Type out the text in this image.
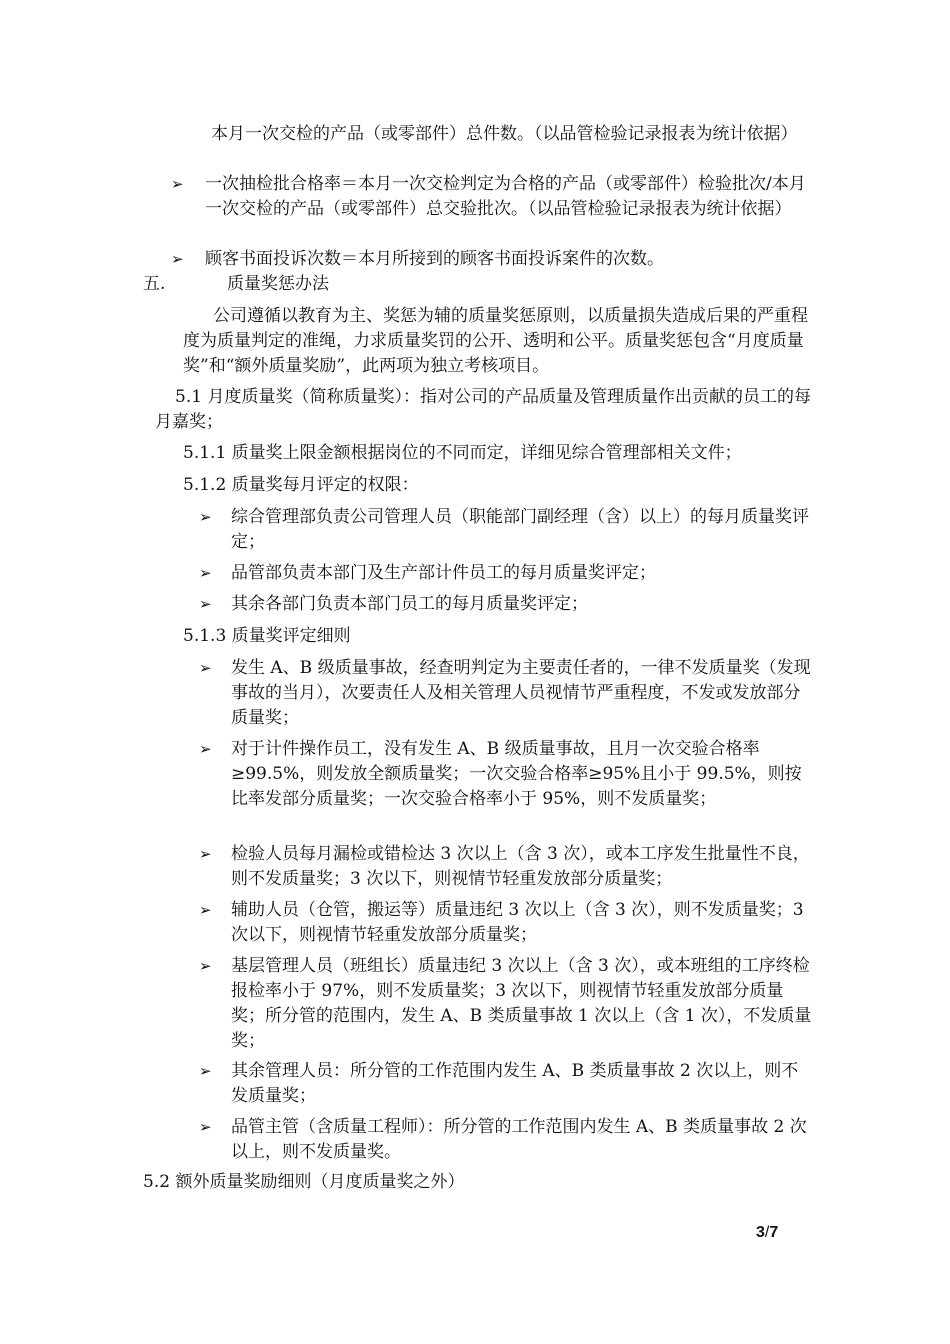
本月一次交检的产品（或零部件）总件数。（以品管检验记录报表为统计依据）
➢	一次抽检批合格率＝本月一次交检判定为合格的产品（或零部件）检验批次/本月一次交检的产品（或零部件）总交验批次。（以品管检验记录报表为统计依据）
➢	顾客书面投诉次数＝本月所接到的顾客书面投诉案件的次数。
五.	质量奖惩办法
公司遵循以教育为主、奖惩为辅的质量奖惩原则，以质量损失造成后果的严重程度为质量判定的准绳，力求质量奖罚的公开、透明和公平。质量奖惩包含“月度质量奖”和“额外质量奖励”，此两项为独立考核项目。
5.1 月度质量奖（简称质量奖）：指对公司的产品质量及管理质量作出贡献的员工的每月嘉奖；
5.1.1 质量奖上限金额根据岗位的不同而定，详细见综合管理部相关文件；
5.1.2 质量奖每月评定的权限：
➢	综合管理部负责公司管理人员（职能部门副经理（含）以上）的每月质量奖评定；
➢	品管部负责本部门及生产部计件员工的每月质量奖评定；
➢	其余各部门负责本部门员工的每月质量奖评定；
5.1.3 质量奖评定细则
➢	发生 A、B 级质量事故，经查明判定为主要责任者的，一律不发质量奖（发现事故的当月），次要责任人及相关管理人员视情节严重程度，不发或发放部分质量奖；
➢	对于计件操作员工，没有发生 A、B 级质量事故，且月一次交验合格率≥99.5%，则发放全额质量奖；一次交验合格率≥95%且小于 99.5%，则按比率发部分质量奖；一次交验合格率小于 95%，则不发质量奖；
➢	检验人员每月漏检或错检达 3 次以上（含 3 次），或本工序发生批量性不良，则不发质量奖；3 次以下，则视情节轻重发放部分质量奖；
➢	辅助人员（仓管，搬运等）质量违纪 3 次以上（含 3 次），则不发质量奖；3 次以下，则视情节轻重发放部分质量奖；
➢	基层管理人员（班组长）质量违纪 3 次以上（含 3 次），或本班组的工序终检报检率小于 97%，则不发质量奖；3 次以下，则视情节轻重发放部分质量奖；所分管的范围内，发生 A、B 类质量事故 1 次以上（含 1 次），不发质量奖；
➢	其余管理人员：所分管的工作范围内发生 A、B 类质量事故 2 次以上，则不发质量奖；
➢	品管主管（含质量工程师）：所分管的工作范围内发生 A、B 类质量事故 2 次以上，则不发质量奖。
5.2 额外质量奖励细则（月度质量奖之外）
3/7
